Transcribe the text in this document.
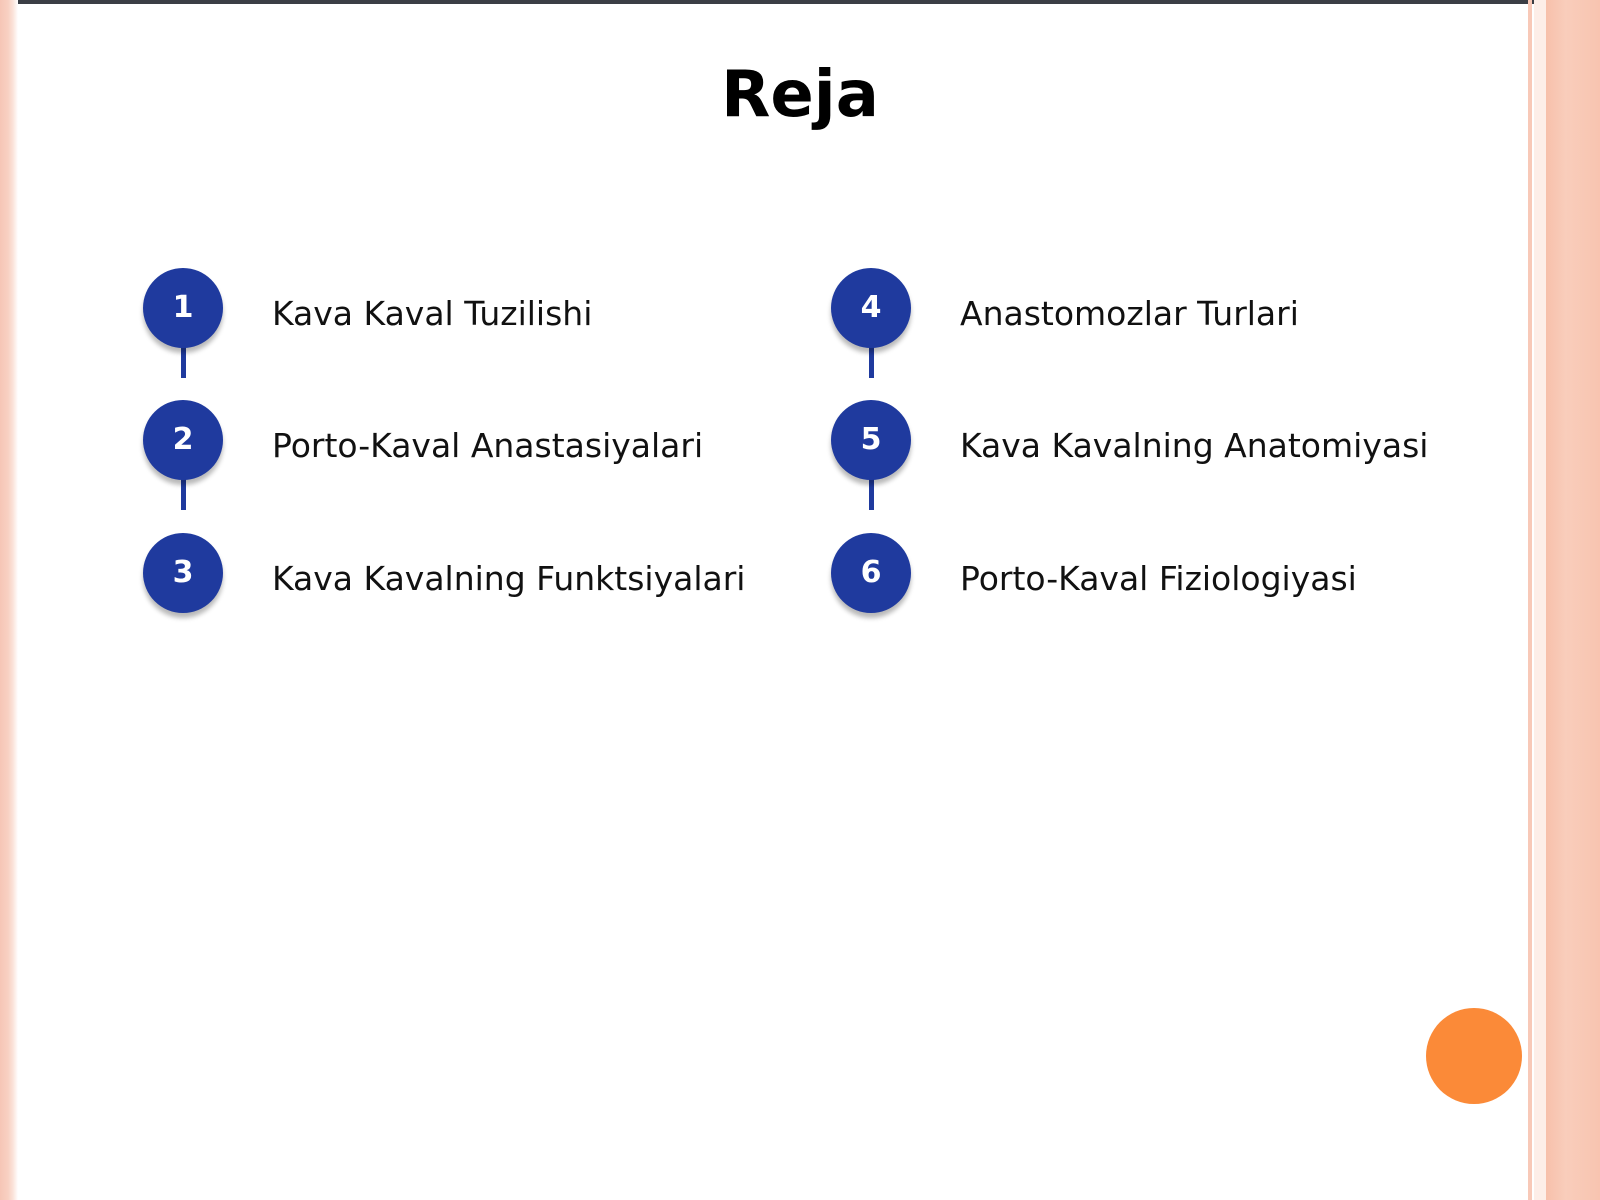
Reja
1	Kava Kaval Tuzilishi
2	Porto-Kaval Anastasiyalari
3	Kava Kavalning Funktsiyalari
4	Anastomozlar Turlari
5	Kava Kavalning Anatomiyasi
6	Porto-Kaval Fiziologiyasi
